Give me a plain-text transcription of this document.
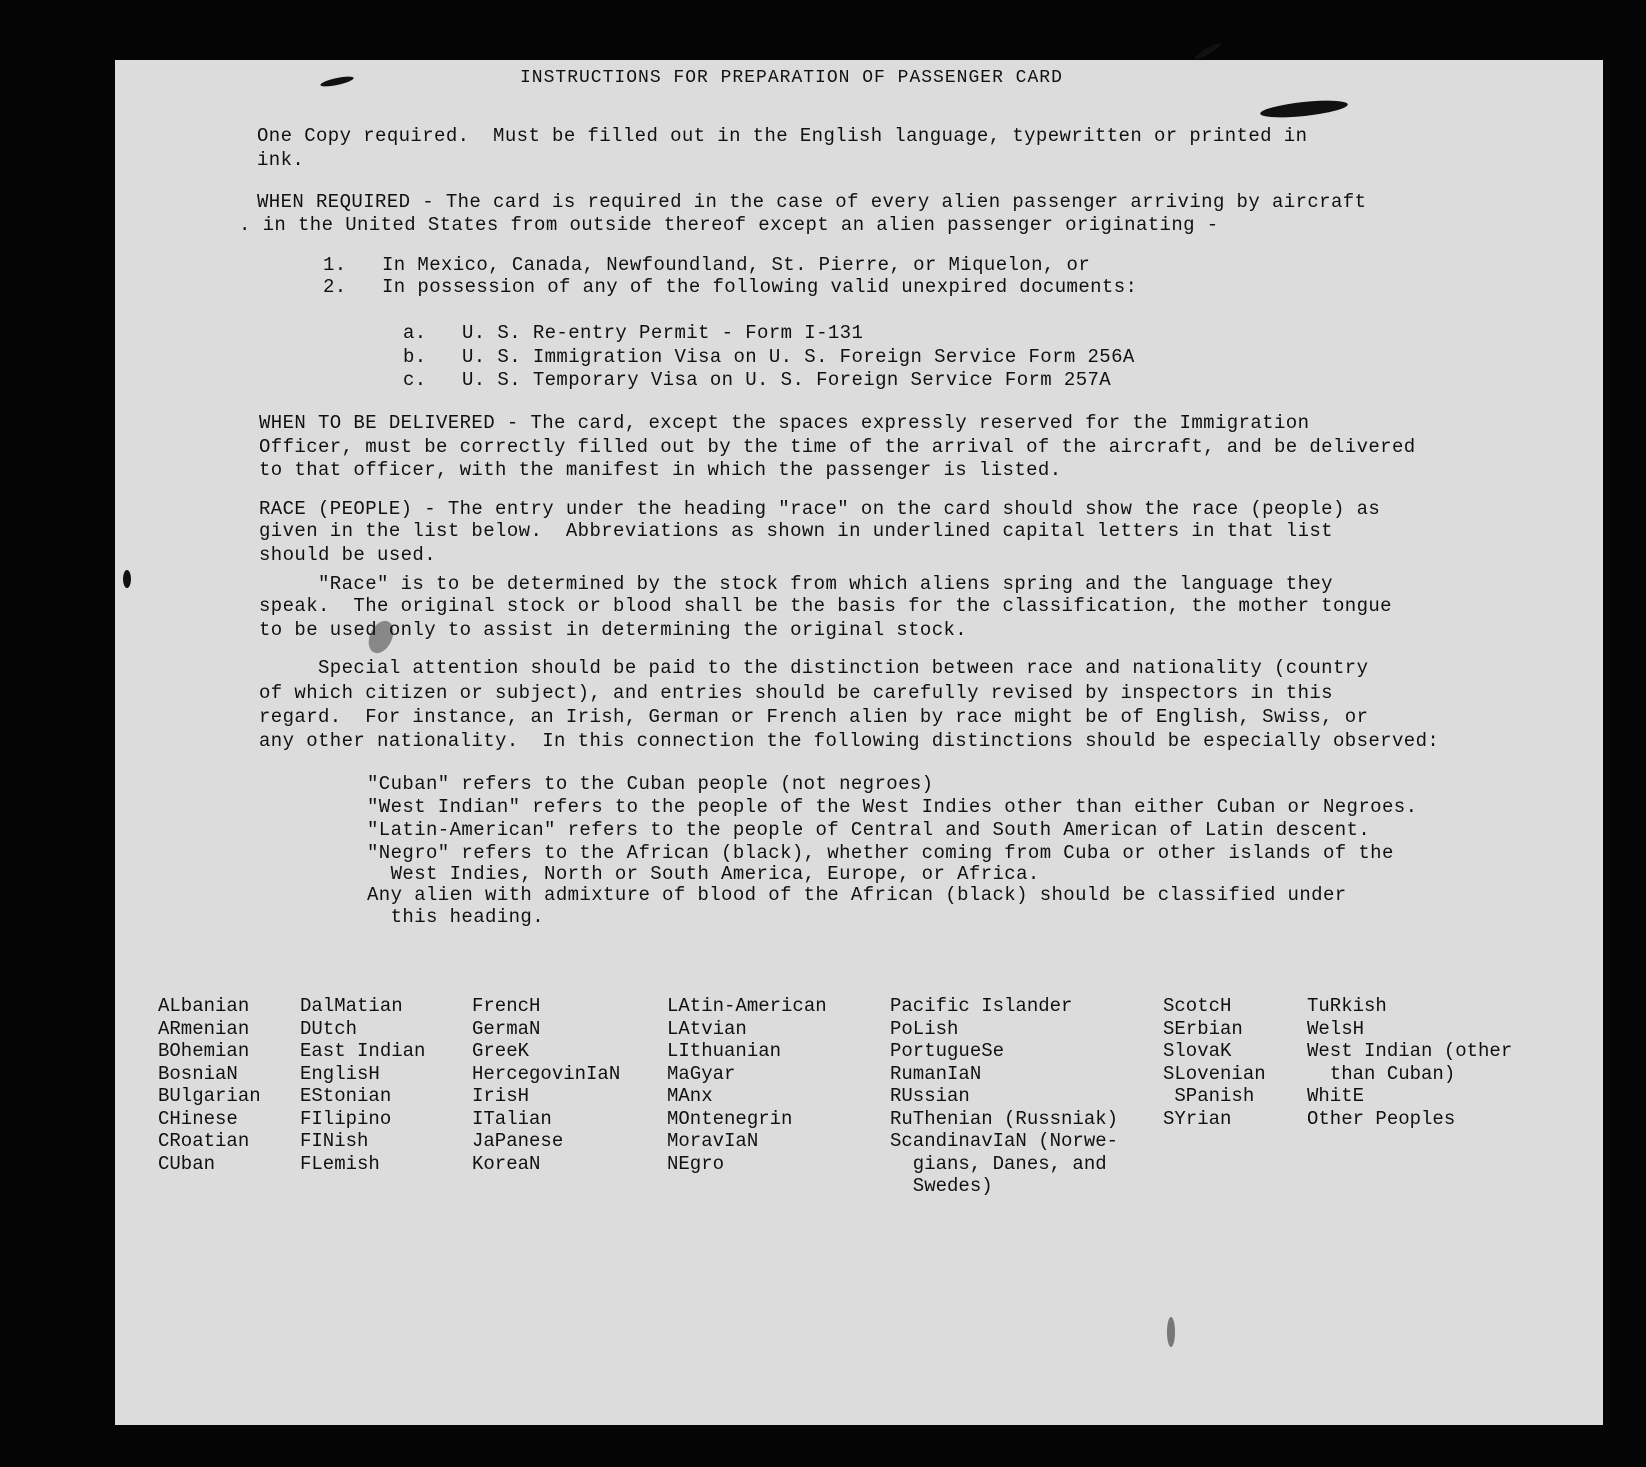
INSTRUCTIONS FOR PREPARATION OF PASSENGER CARD
One Copy required.  Must be filled out in the English language, typewritten or printed in
ink.
WHEN REQUIRED - The card is required in the case of every alien passenger arriving by aircraft
. in the United States from outside thereof except an alien passenger originating -
1.   In Mexico, Canada, Newfoundland, St. Pierre, or Miquelon, or
2.   In possession of any of the following valid unexpired documents:
a.   U. S. Re-entry Permit - Form I-131
b.   U. S. Immigration Visa on U. S. Foreign Service Form 256A
c.   U. S. Temporary Visa on U. S. Foreign Service Form 257A
WHEN TO BE DELIVERED - The card, except the spaces expressly reserved for the Immigration
Officer, must be correctly filled out by the time of the arrival of the aircraft, and be delivered
to that officer, with the manifest in which the passenger is listed.
RACE (PEOPLE) - The entry under the heading "race" on the card should show the race (people) as
given in the list below.  Abbreviations as shown in underlined capital letters in that list
should be used.
"Race" is to be determined by the stock from which aliens spring and the language they
speak.  The original stock or blood shall be the basis for the classification, the mother tongue
to be used only to assist in determining the original stock.
Special attention should be paid to the distinction between race and nationality (country
of which citizen or subject), and entries should be carefully revised by inspectors in this
regard.  For instance, an Irish, German or French alien by race might be of English, Swiss, or
any other nationality.  In this connection the following distinctions should be especially observed:
"Cuban" refers to the Cuban people (not negroes)
"West Indian" refers to the people of the West Indies other than either Cuban or Negroes.
"Latin-American" refers to the people of Central and South American of Latin descent.
"Negro" refers to the African (black), whether coming from Cuba or other islands of the
West Indies, North or South America, Europe, or Africa.
Any alien with admixture of blood of the African (black) should be classified under
this heading.
ALbanian
ARmenian
BOhemian
BosniaN
BUlgarian
CHinese
CRoatian
CUban
DalMatian
DUtch
East Indian
EnglisH
EStonian
FIlipino
FINish
FLemish
FrencH
GermaN
GreeK
HercegovinIaN
IrisH
ITalian
JaPanese
KoreaN
LAtin-American
LAtvian
LIthuanian
MaGyar
MAnx
MOntenegrin
MoravIaN
NEgro
Pacific Islander
PoLish
PortugueSe
RumanIaN
RUssian
RuThenian (Russniak)
ScandinavIaN (Norwe-
gians, Danes, and
Swedes)
ScotcH
SErbian
SlovaK
SLovenian
SPanish
SYrian
TuRkish
WelsH
West Indian (other
than Cuban)
WhitE
Other Peoples
